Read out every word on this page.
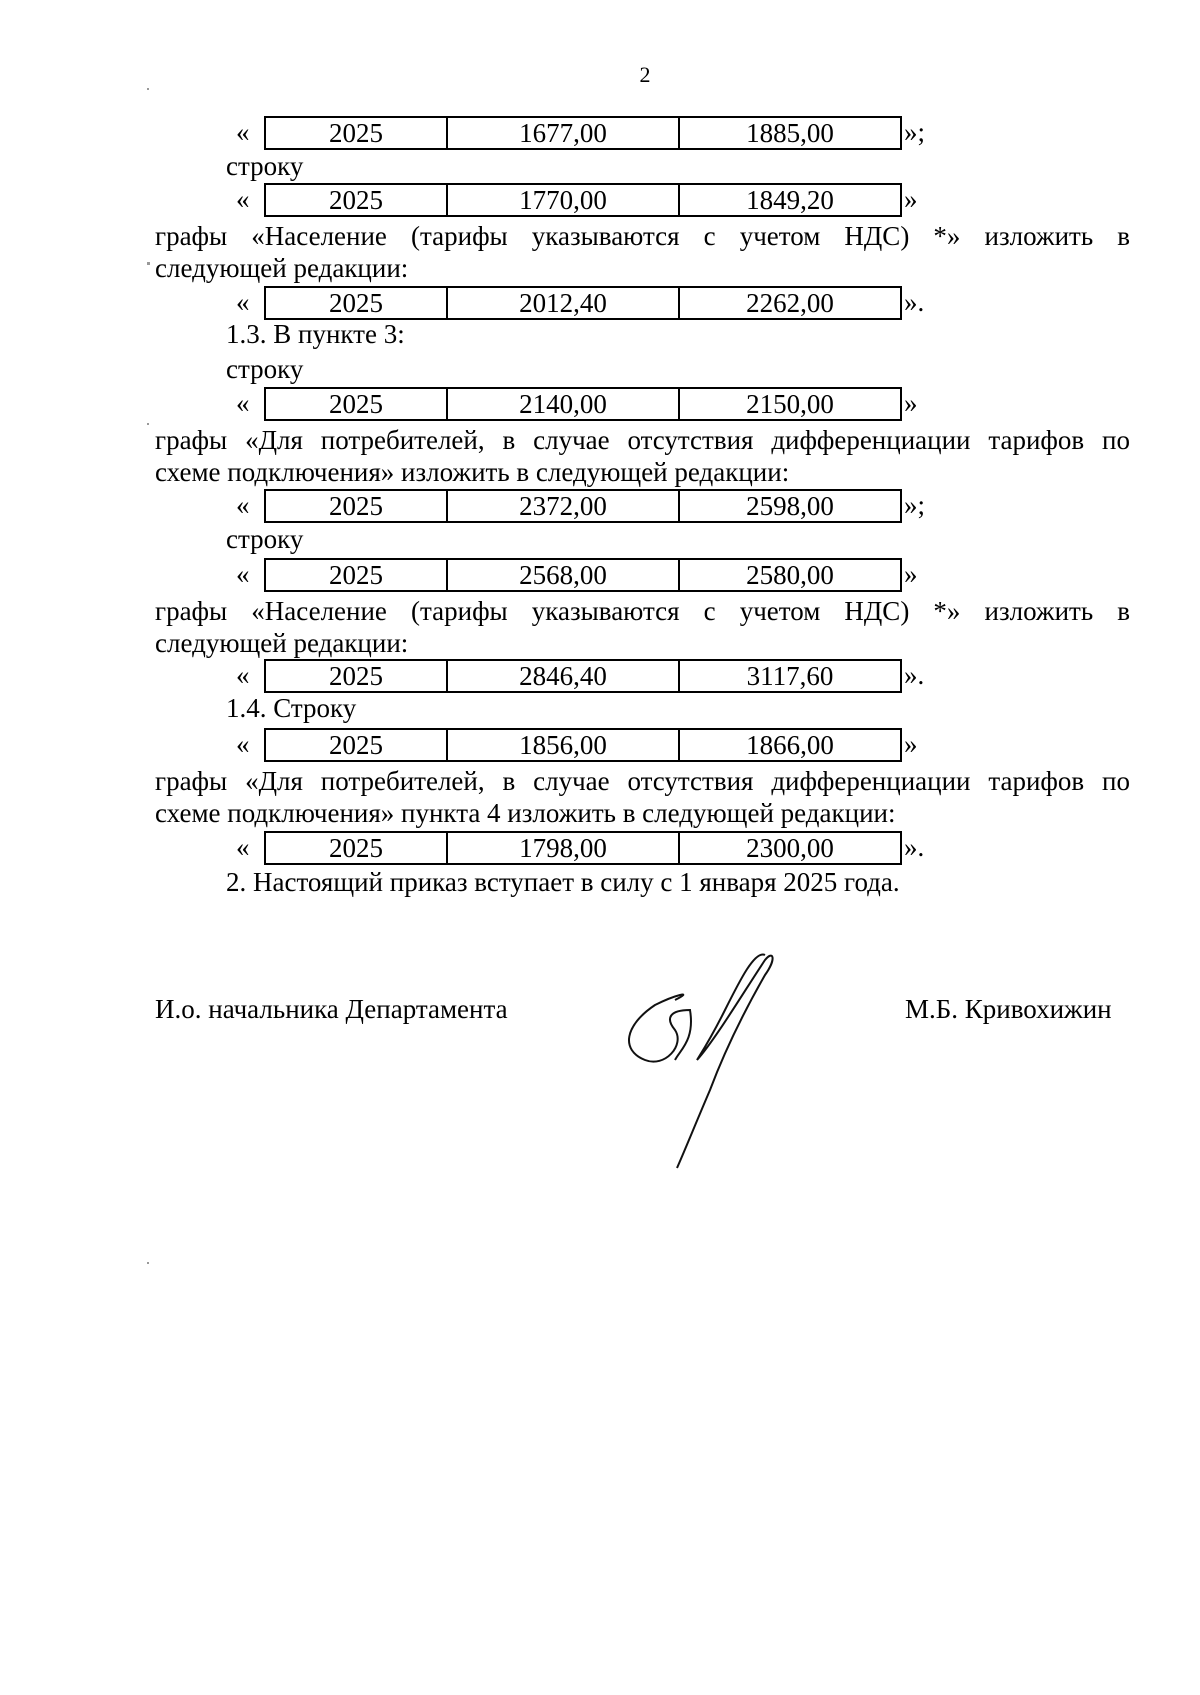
2
«	2025	1677,00	1885,00	»;
строку
«	2025	1770,00	1849,20	»
графы «Население (тарифы указываются с учетом НДС) *» изложить в
следующей редакции:
«	2025	2012,40	2262,00	».
1.3. В пункте 3:
строку
«	2025	2140,00	2150,00	»
графы «Для потребителей, в случае отсутствия дифференциации тарифов по
схеме подключения» изложить в следующей редакции:
«	2025	2372,00	2598,00	»;
строку
«	2025	2568,00	2580,00	»
графы «Население (тарифы указываются с учетом НДС) *» изложить в
следующей редакции:
«	2025	2846,40	3117,60	».
1.4. Строку
«	2025	1856,00	1866,00	»
графы «Для потребителей, в случае отсутствия дифференциации тарифов по
схеме подключения» пункта 4 изложить в следующей редакции:
«	2025	1798,00	2300,00	».
2. Настоящий приказ вступает в силу с 1 января 2025 года.
И.о. начальника Департамента	М.Б. Кривохижин
